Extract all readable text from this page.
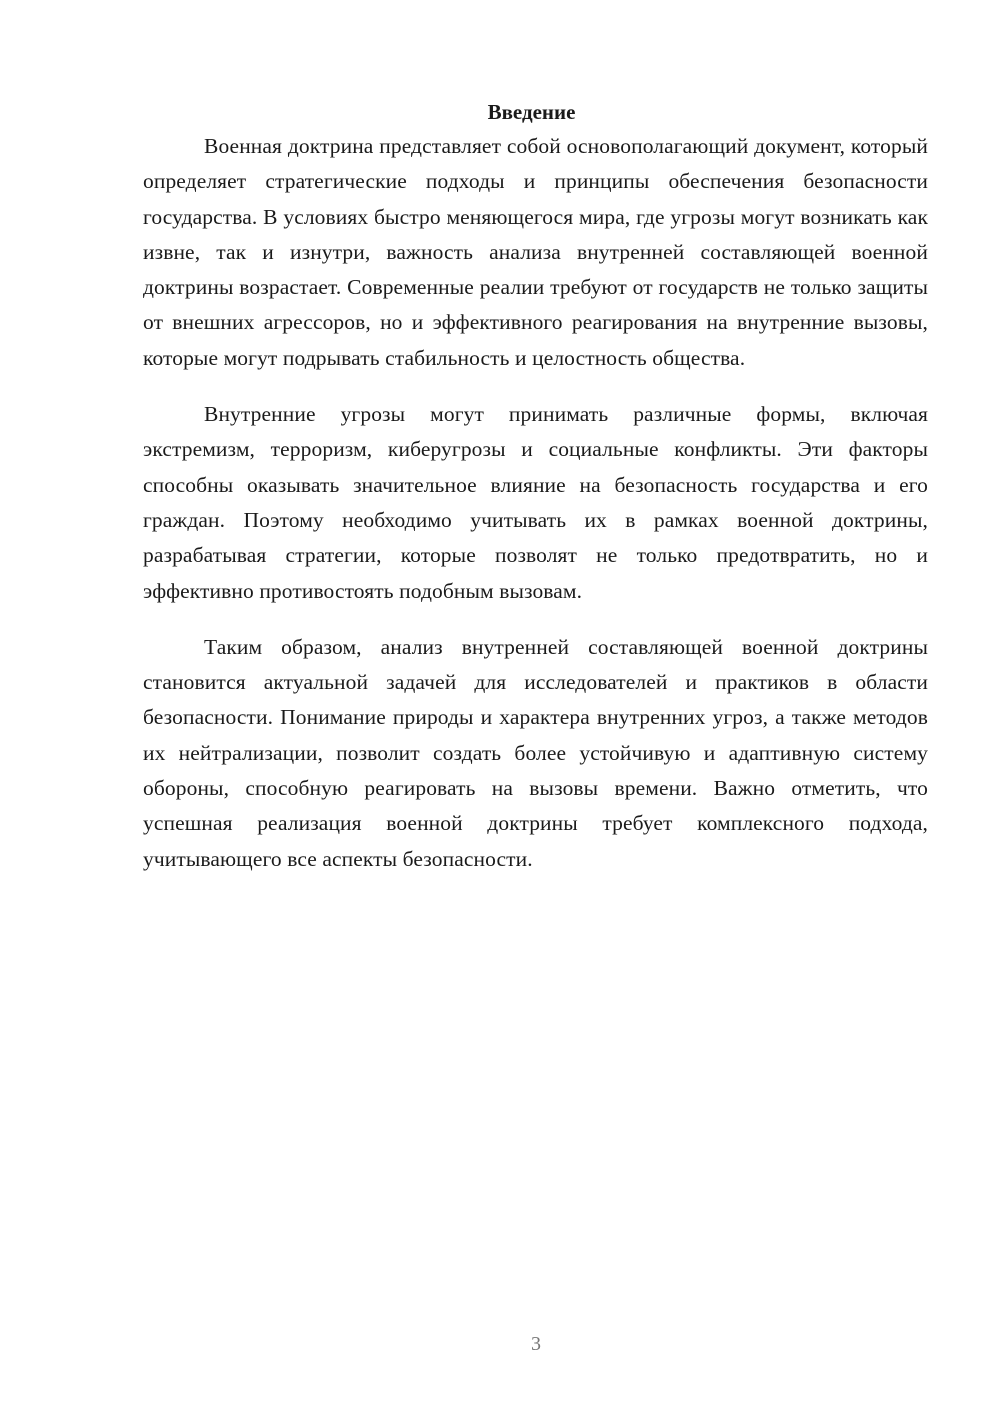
Введение

Военная доктрина представляет собой основополагающий документ, который определяет стратегические подходы и принципы обеспечения безопасности государства. В условиях быстро меняющегося мира, где угрозы могут возникать как извне, так и изнутри, важность анализа внутренней составляющей военной доктрины возрастает. Современные реалии требуют от государств не только защиты от внешних агрессоров, но и эффективного реагирования на внутренние вызовы, которые могут подрывать стабильность и целостность общества.

Внутренние угрозы могут принимать различные формы, включая экстремизм, терроризм, киберугрозы и социальные конфликты. Эти факторы способны оказывать значительное влияние на безопасность государства и его граждан. Поэтому необходимо учитывать их в рамках военной доктрины, разрабатывая стратегии, которые позволят не только предотвратить, но и эффективно противостоять подобным вызовам.

Таким образом, анализ внутренней составляющей военной доктрины становится актуальной задачей для исследователей и практиков в области безопасности. Понимание природы и характера внутренних угроз, а также методов их нейтрализации, позволит создать более устойчивую и адаптивную систему обороны, способную реагировать на вызовы времени. Важно отметить, что успешная реализация военной доктрины требует комплексного подхода, учитывающего все аспекты безопасности.

3
